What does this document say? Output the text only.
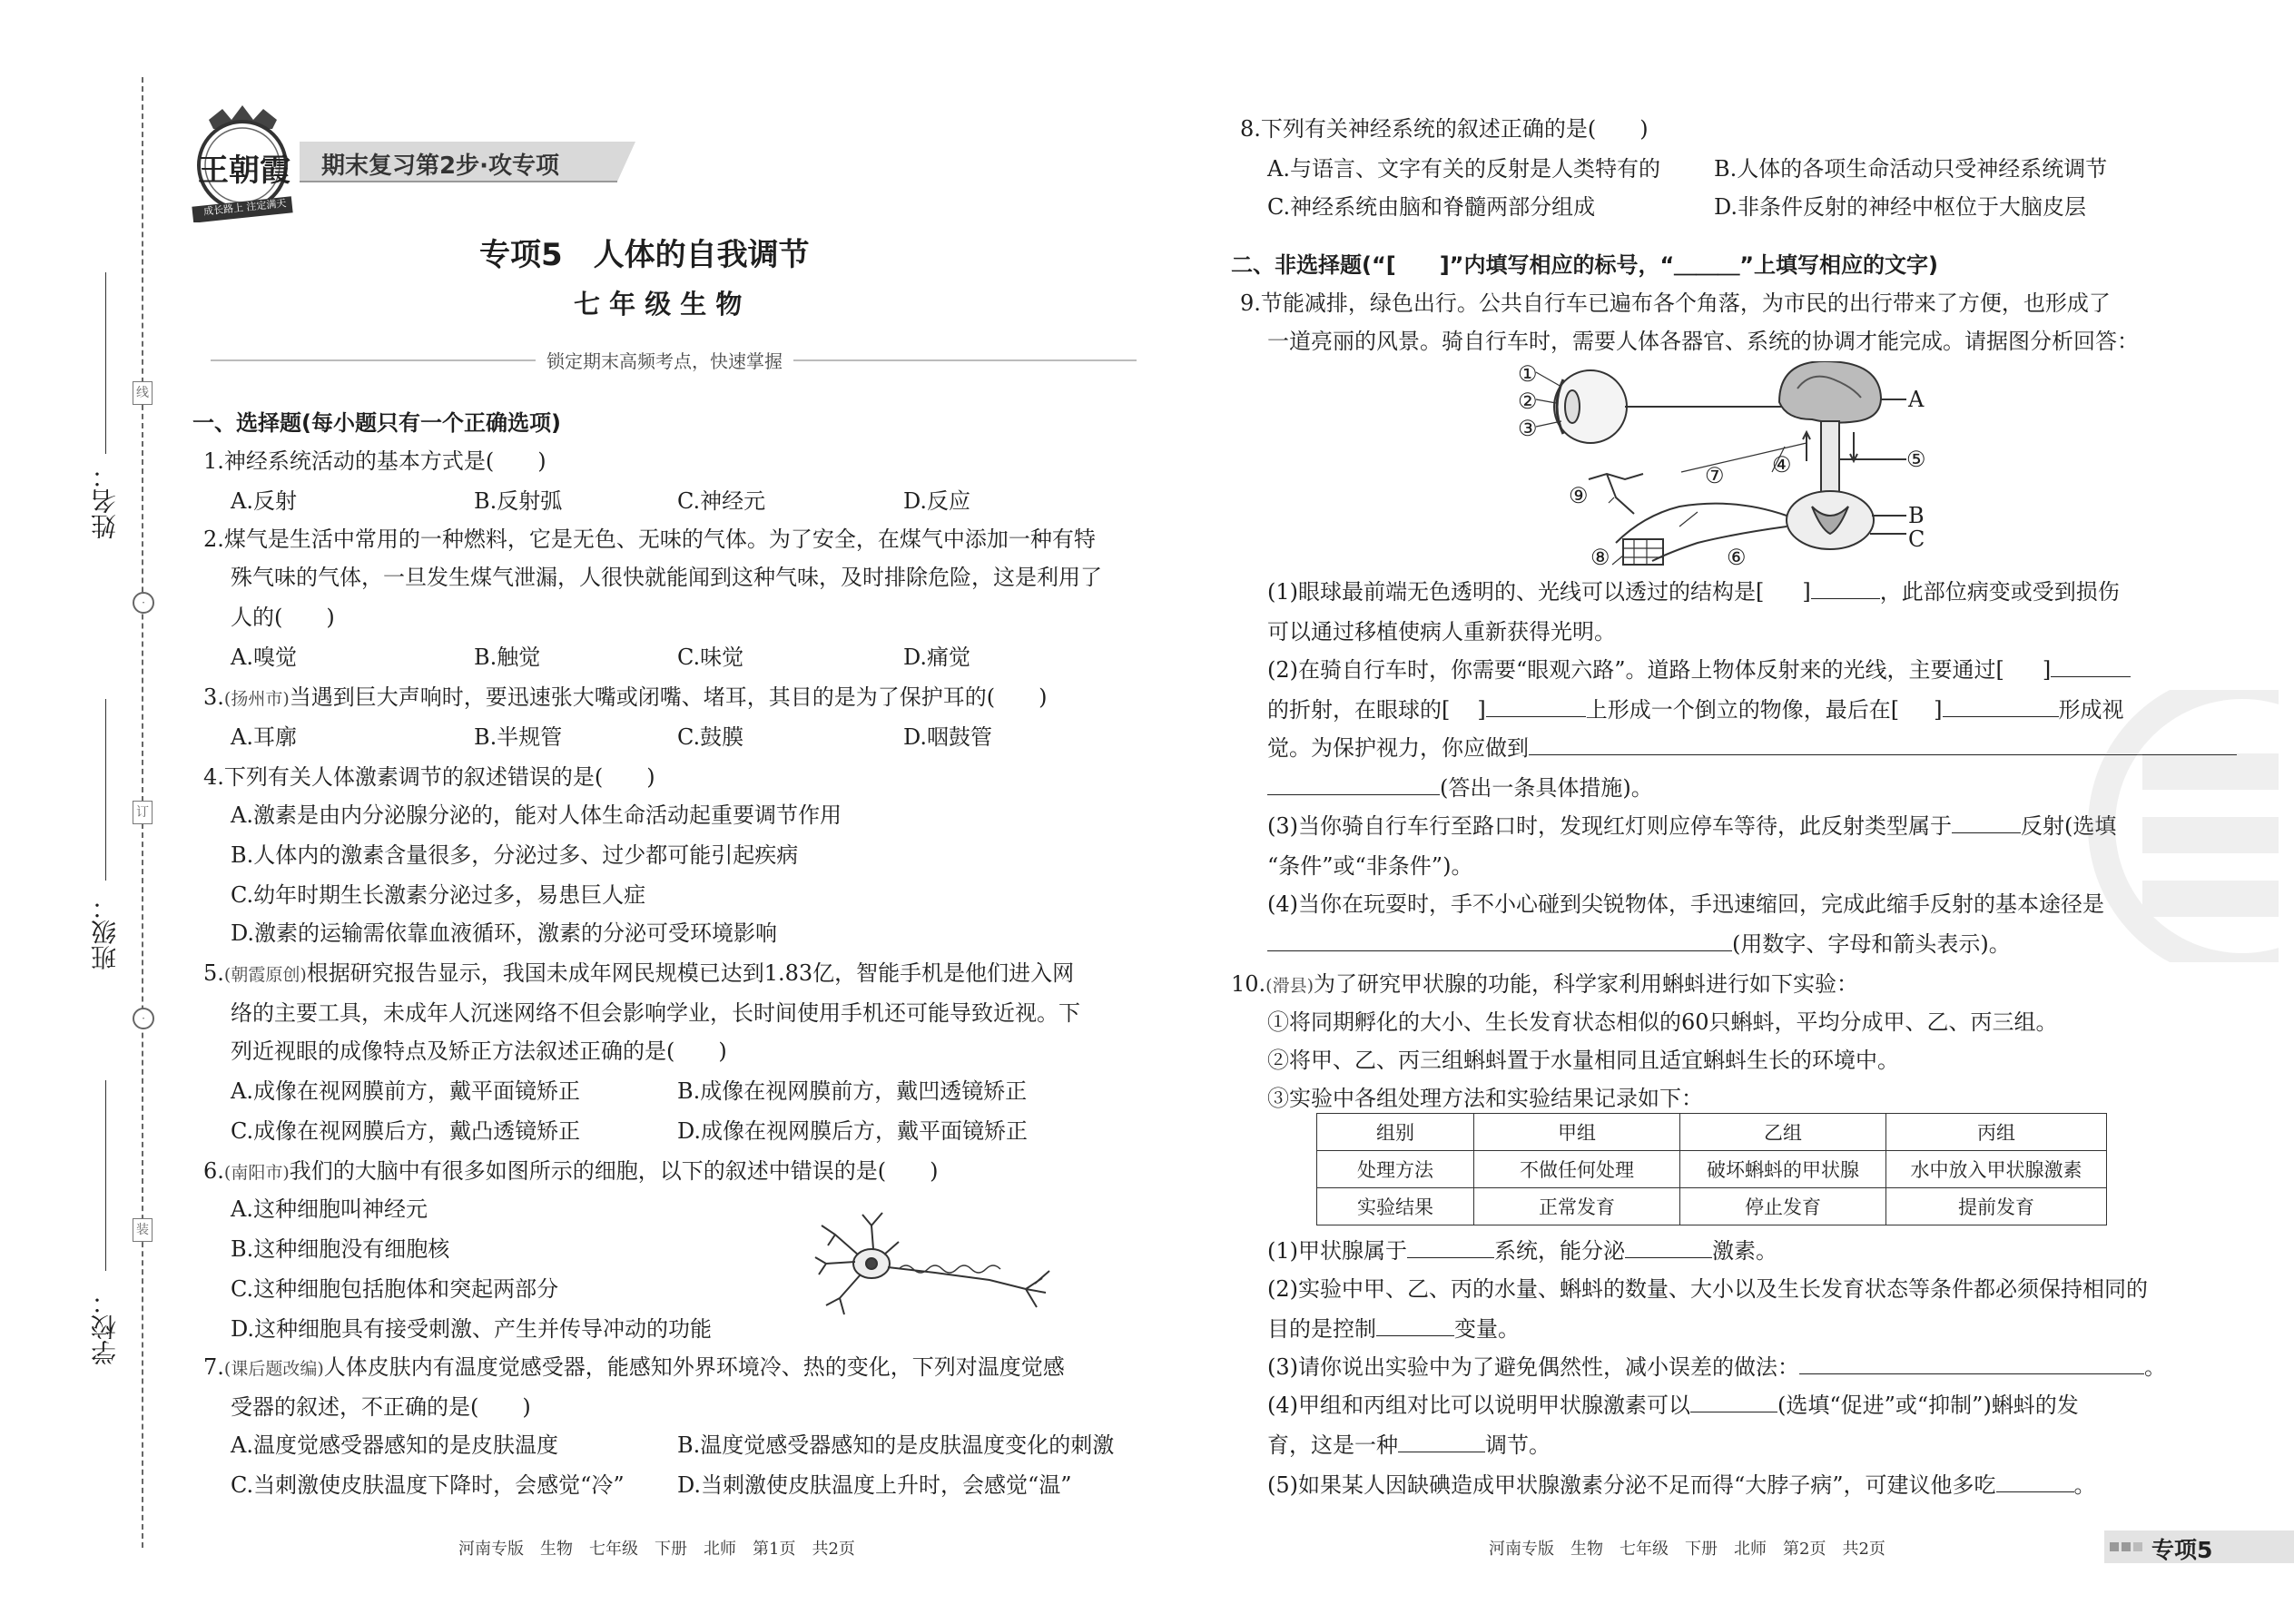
线
·
订
·
装
姓名：
班级：
学校：
王朝霞
成长路上 注定满天
期末复习第2步·攻专项
专项5　人体的自我调节
七 年 级 生 物
锁定期末高频考点，快速掌握
一、选择题(每小题只有一个正确选项)
1.神经系统活动的基本方式是(　　)
A.反射	B.反射弧	C.神经元	D.反应
2.煤气是生活中常用的一种燃料，它是无色、无味的气体。为了安全，在煤气中添加一种有特
殊气味的气体，一旦发生煤气泄漏，人很快就能闻到这种气味，及时排除危险，这是利用了
人的(　　)
A.嗅觉	B.触觉	C.味觉	D.痛觉
3.(扬州市)当遇到巨大声响时，要迅速张大嘴或闭嘴、堵耳，其目的是为了保护耳的(　　)
A.耳廓	B.半规管	C.鼓膜	D.咽鼓管
4.下列有关人体激素调节的叙述错误的是(　　)
A.激素是由内分泌腺分泌的，能对人体生命活动起重要调节作用
B.人体内的激素含量很多，分泌过多、过少都可能引起疾病
C.幼年时期生长激素分泌过多，易患巨人症
D.激素的运输需依靠血液循环，激素的分泌可受环境影响
5.(朝霞原创)根据研究报告显示，我国未成年网民规模已达到1.83亿，智能手机是他们进入网
络的主要工具，未成年人沉迷网络不但会影响学业，长时间使用手机还可能导致近视。下
列近视眼的成像特点及矫正方法叙述正确的是(　　)
A.成像在视网膜前方，戴平面镜矫正	B.成像在视网膜前方，戴凹透镜矫正
C.成像在视网膜后方，戴凸透镜矫正	D.成像在视网膜后方，戴平面镜矫正
6.(南阳市)我们的大脑中有很多如图所示的细胞，以下的叙述中错误的是(　　)
A.这种细胞叫神经元
B.这种细胞没有细胞核
C.这种细胞包括胞体和突起两部分
D.这种细胞具有接受刺激、产生并传导冲动的功能
7.(课后题改编)人体皮肤内有温度觉感受器，能感知外界环境冷、热的变化，下列对温度觉感
受器的叙述，不正确的是(　　)
A.温度觉感受器感知的是皮肤温度	B.温度觉感受器感知的是皮肤温度变化的刺激
C.当刺激使皮肤温度下降时，会感觉“冷” D.当刺激使皮肤温度上升时，会感觉“温”
河南专版　生物　七年级　下册　北师　第1页　共2页
8.下列有关神经系统的叙述正确的是(　　)
A.与语言、文字有关的反射是人类特有的 B.人体的各项生命活动只受神经系统调节
C.神经系统由脑和脊髓两部分组成	D.非条件反射的神经中枢位于大脑皮层
二、非选择题(“[　　]”内填写相应的标号，“＿＿＿”上填写相应的文字)
9.节能减排，绿色出行。公共自行车已遍布各个角落，为市民的出行带来了方便，也形成了
一道亮丽的风景。骑自行车时，需要人体各器官、系统的协调才能完成。请据图分析回答：
①
②
③
④	⑤
⑥
⑦
⑧
⑨
A
B
C
(1)眼球最前端无色透明的、光线可以透过的结构是[ ]	，此部位病变或受到损伤
可以通过移植使病人重新获得光明。
(2)在骑自行车时，你需要“眼观六路”。道路上物体反射来的光线，主要通过[ ]
的折射，在眼球的[ ]	上形成一个倒立的物像，最后在[ ]	形成视
觉。为保护视力，你应做到
(答出一条具体措施)。
(3)当你骑自行车行至路口时，发现红灯则应停车等待，此反射类型属于	反射(选填
“条件”或“非条件”)。
(4)当你在玩耍时，手不小心碰到尖锐物体，手迅速缩回，完成此缩手反射的基本途径是
(用数字、字母和箭头表示)。
10.(滑县)为了研究甲状腺的功能，科学家利用蝌蚪进行如下实验：
①将同期孵化的大小、生长发育状态相似的60只蝌蚪，平均分成甲、乙、丙三组。
②将甲、乙、丙三组蝌蚪置于水量相同且适宜蝌蚪生长的环境中。
③实验中各组处理方法和实验结果记录如下：
组别	甲组	乙组	丙组
处理方法	不做任何处理	破坏蝌蚪的甲状腺	水中放入甲状腺激素
实验结果	正常发育	停止发育	提前发育
(1)甲状腺属于	系统，能分泌	激素。
(2)实验中甲、乙、丙的水量、蝌蚪的数量、大小以及生长发育状态等条件都必须保持相同的
目的是控制	变量。
(3)请你说出实验中为了避免偶然性，减小误差的做法：	。
(4)甲组和丙组对比可以说明甲状腺激素可以	(选填“促进”或“抑制”)蝌蚪的发
育，这是一种	调节。
(5)如果某人因缺碘造成甲状腺激素分泌不足而得“大脖子病”，可建议他多吃	。
河南专版　生物　七年级　下册　北师　第2页　共2页	专项5
